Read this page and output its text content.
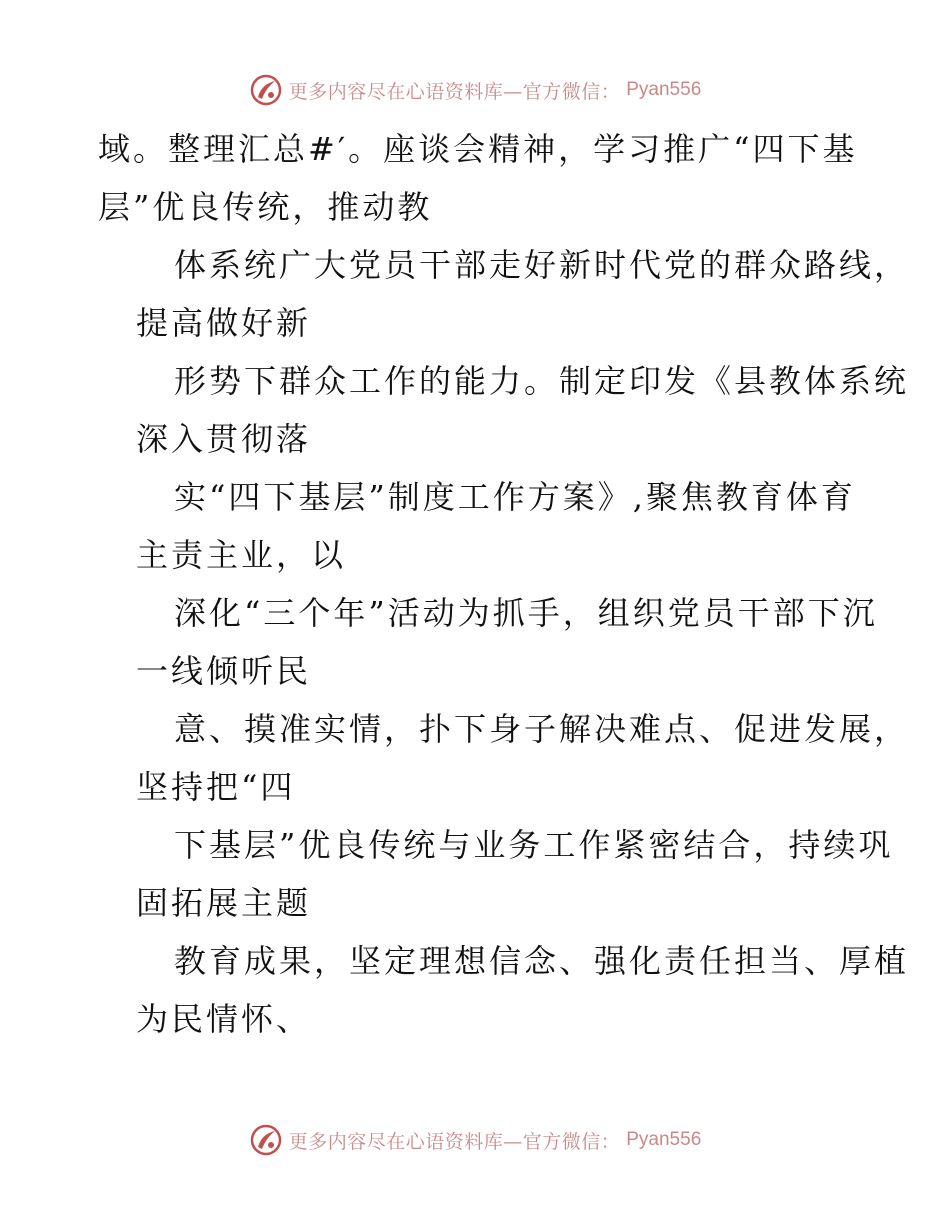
更多内容尽在心语资料库—官方微信： Pyan556

域。整理汇总#′。座谈会精神，学习推广“四下基
层”优良传统，推动教

体系统广大党员干部走好新时代党的群众路线，
提高做好新

形势下群众工作的能力。制定印发《县教体系统
深入贯彻落

实“四下基层”制度工作方案》,聚焦教育体育
主责主业，以

深化“三个年”活动为抓手，组织党员干部下沉
一线倾听民

意、摸准实情，扑下身子解决难点、促进发展，
坚持把“四

下基层”优良传统与业务工作紧密结合，持续巩
固拓展主题

教育成果，坚定理想信念、强化责任担当、厚植
为民情怀、

更多内容尽在心语资料库—官方微信： Pyan556
